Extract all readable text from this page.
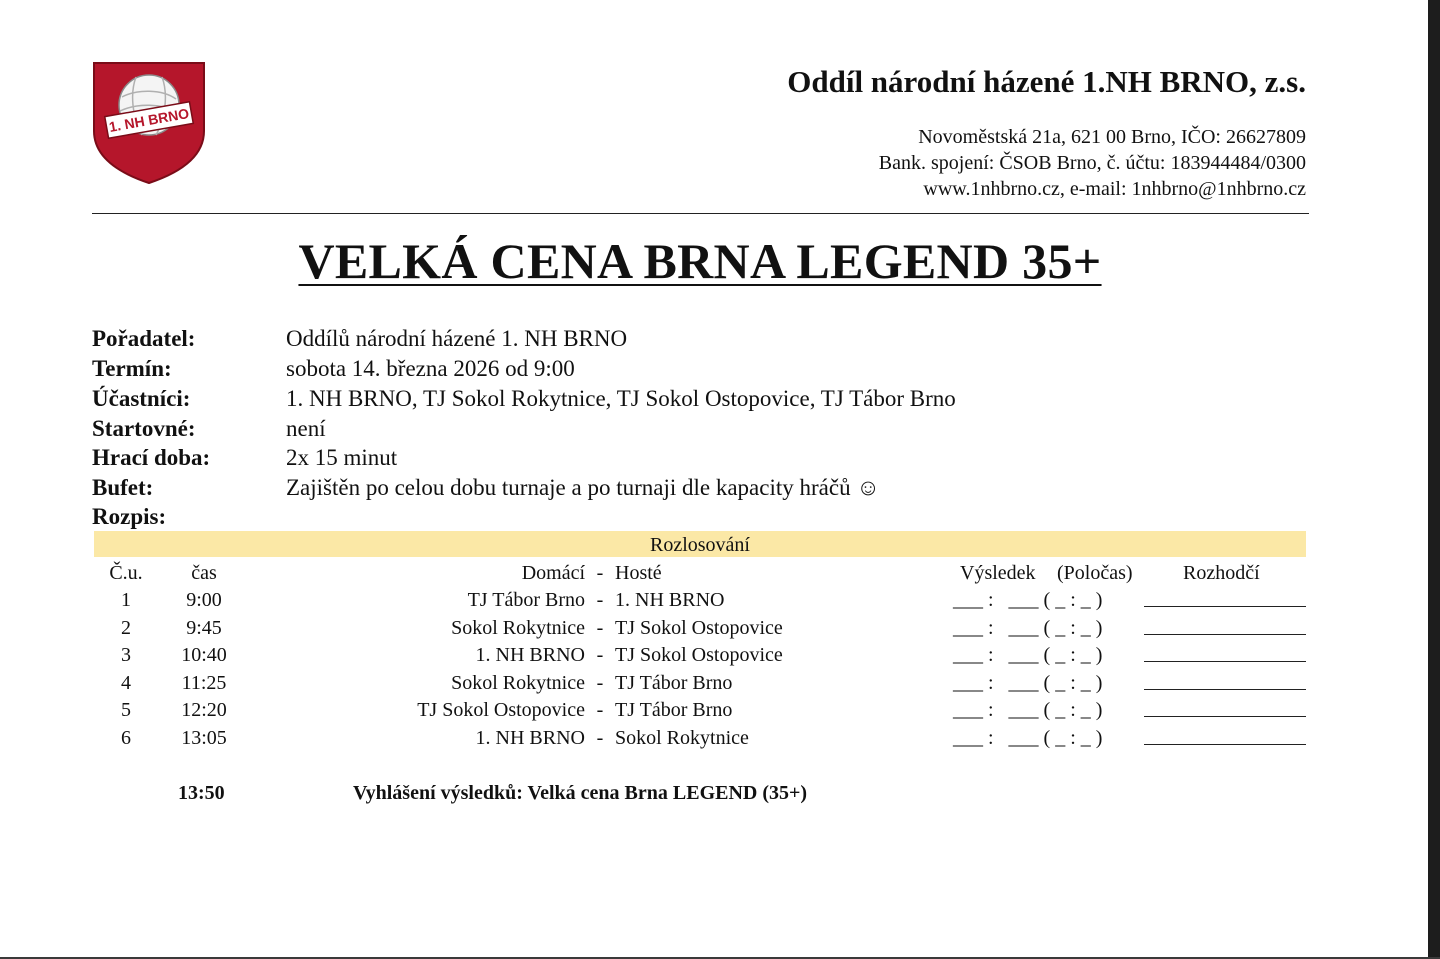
1. NH BRNO
Oddíl národní házené 1.NH BRNO, z.s.
Novoměstská 21a, 621 00 Brno, IČO: 26627809
Bank. spojení: ČSOB Brno, č. účtu: 183944484/0300
www.1nhbrno.cz, e-mail: 1nhbrno@1nhbrno.cz
VELKÁ CENA BRNA LEGEND 35+
Pořadatel:	Oddílů národní házené 1. NH BRNO
Termín:	sobota 14. března 2026 od 9:00
Účastníci:	1. NH BRNO, TJ Sokol Rokytnice, TJ Sokol Ostopovice, TJ Tábor Brno
Startovné:	není
Hrací doba:	2x 15 minut
Bufet:	Zajištěn po celou dobu turnaje a po turnaji dle kapacity hráčů ☺
Rozpis:
Rozlosování
Č.u.	čas	Domácí - Hosté	Výsledek (Poločas)	Rozhodčí
1	9:00	TJ Tábor Brno - 1. NH BRNO	___ :   ___ ( _ : _ )
2	9:45	Sokol Rokytnice - TJ Sokol Ostopovice	___ :   ___ ( _ : _ )
3	10:40	1. NH BRNO - TJ Sokol Ostopovice	___ :   ___ ( _ : _ )
4	11:25	Sokol Rokytnice - TJ Tábor Brno	___ :   ___ ( _ : _ )
5	12:20	TJ Sokol Ostopovice - TJ Tábor Brno	___ :   ___ ( _ : _ )
6	13:05	1. NH BRNO - Sokol Rokytnice	___ :   ___ ( _ : _ )
13:50	Vyhlášení výsledků: Velká cena Brna LEGEND (35+)
